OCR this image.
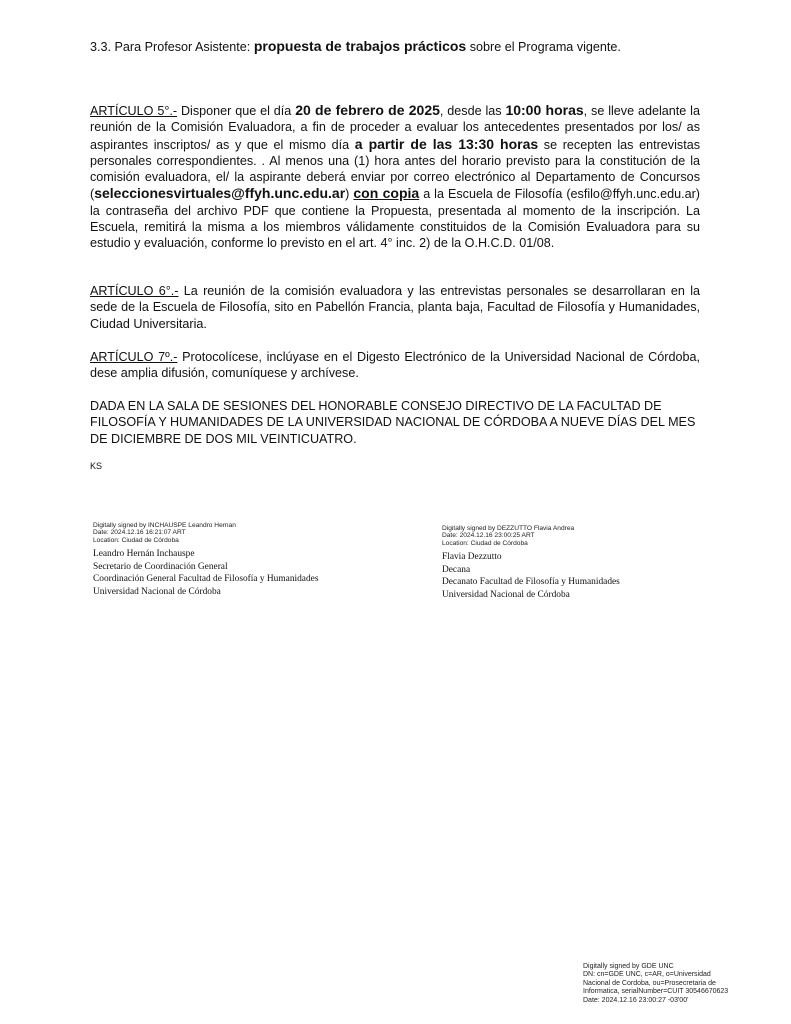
3.3. Para Profesor Asistente: propuesta de trabajos prácticos sobre el Programa vigente.
ARTÍCULO 5°.- Disponer que el día 20 de febrero de 2025, desde las 10:00 horas, se lleve adelante la reunión de la Comisión Evaluadora, a fin de proceder a evaluar los antecedentes presentados por los/ as aspirantes inscriptos/ as y que el mismo día a partir de las 13:30 horas se recepten las entrevistas personales correspondientes. . Al menos una (1) hora antes del horario previsto para la constitución de la comisión evaluadora, el/ la aspirante deberá enviar por correo electrónico al Departamento de Concursos (seleccionesvirtuales@ffyh.unc.edu.ar) con copia a la Escuela de Filosofía (esfilo@ffyh.unc.edu.ar) la contraseña del archivo PDF que contiene la Propuesta, presentada al momento de la inscripción. La Escuela, remitirá la misma a los miembros válidamente constituidos de la Comisión Evaluadora para su estudio y evaluación, conforme lo previsto en el art. 4° inc. 2) de la O.H.C.D. 01/08.
ARTÍCULO 6°.- La reunión de la comisión evaluadora y las entrevistas personales se desarrollaran en la sede de la Escuela de Filosofía, sito en Pabellón Francia, planta baja, Facultad de Filosofía y Humanidades, Ciudad Universitaria.
ARTÍCULO 7º.- Protocolícese, inclúyase en el Digesto Electrónico de la Universidad Nacional de Córdoba, dese amplia difusión, comuníquese y archívese.
DADA EN LA SALA DE SESIONES DEL HONORABLE CONSEJO DIRECTIVO DE LA FACULTAD DE FILOSOFÍA Y HUMANIDADES DE LA UNIVERSIDAD NACIONAL DE CÓRDOBA A NUEVE DÍAS DEL MES DE DICIEMBRE DE DOS MIL VEINTICUATRO.
KS
Digitally signed by INCHAUSPE Leandro Hernan
Date: 2024.12.16 16:21:07 ART
Location: Ciudad de Córdoba
Leandro Hernán Inchauspe
Secretario de Coordinación General
Coordinación General Facultad de Filosofía y Humanidades
Universidad Nacional de Córdoba
Digitally signed by DEZZUTTO Flavia Andrea
Date: 2024.12.16 23:00:25 ART
Location: Ciudad de Córdoba
Flavia Dezzutto
Decana
Decanato Facultad de Filosofía y Humanidades
Universidad Nacional de Córdoba
Digitally signed by GDE UNC
DN: cn=GDE UNC, c=AR, o=Universidad
Nacional de Cordoba, ou=Prosecretaria de
Informatica, serialNumber=CUIT 30546670623
Date: 2024.12.16 23:00:27 -03'00'
